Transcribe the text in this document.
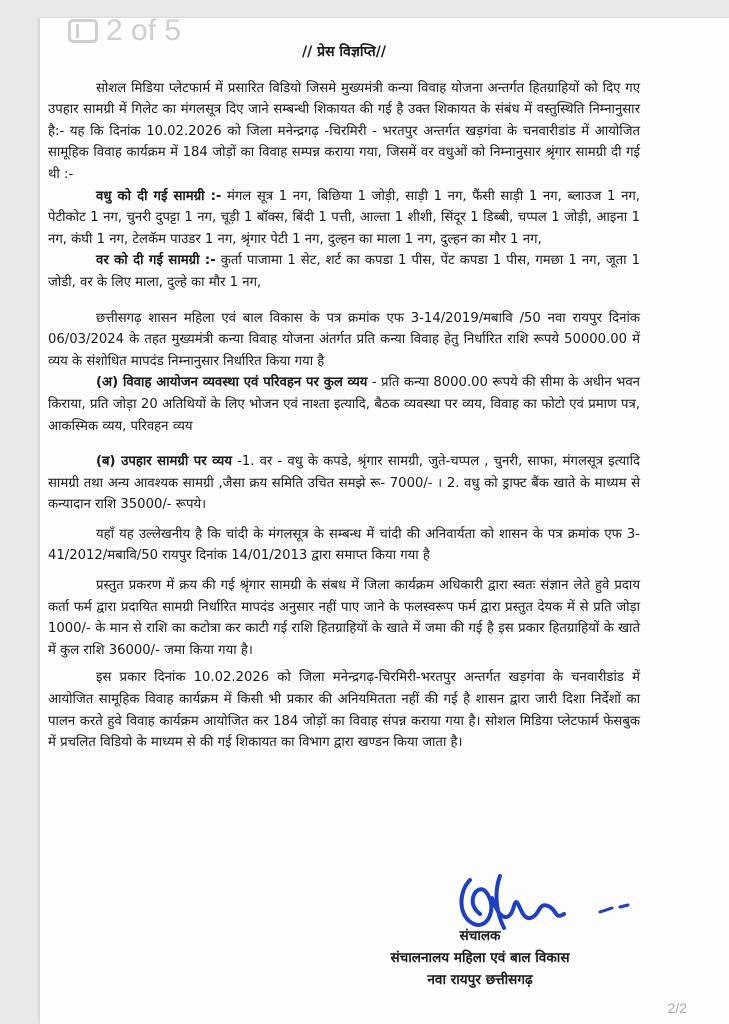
2 of 5
// प्रेस विज्ञप्ति//

सोशल मिडिया प्लेटफार्म में प्रसारित विडियो जिसमे मुख्यमंत्री कन्या विवाह योजना अन्तर्गत हितग्राहियों को दिए गए उपहार सामग्री में गिलेट का मंगलसूत्र दिए जाने सम्बन्धी शिकायत की गई है उक्त शिकायत के संबंध में वस्तुस्थिति निम्नानुसार है:- यह कि दिनांक 10.02.2026 को जिला मनेन्द्रगढ़ -चिरमिरी - भरतपुर अन्तर्गत खड़गंवा के चनवारीडांड में आयोजित सामूहिक विवाह कार्यक्रम में 184 जोड़ों का विवाह सम्पन्न कराया गया, जिसमें वर वधुओं को निम्नानुसार श्रृंगार सामग्री दी गई थी :-

वधु को दी गई सामग्री :- मंगल सूत्र 1 नग, बिछिया 1 जोड़ी, साड़ी 1 नग, फैंसी साड़ी 1 नग, ब्लाउज 1 नग, पेटीकोट 1 नग, चुनरी दुपट्टा 1 नग, चूड़ी 1 बॉक्स, बिंदी 1 पत्ती, आल्ता 1 शीशी, सिंदूर 1 डिब्बी, चप्पल 1 जोड़ी, आइना 1 नग, कंघी 1 नग, टेलकॅम पाउडर 1 नग, श्रृंगार पेटी 1 नग, दुल्हन का माला 1 नग, दुल्हन का मौर 1 नग,

वर को दी गई सामग्री :- कुर्ता पाजामा 1 सेट, शर्ट का कपडा 1 पीस, पेंट कपडा 1 पीस, गमछा 1 नग, जूता 1 जोडी, वर के लिए माला, दुल्हे का मौर 1 नग,

छत्तीसगढ़ शासन महिला एवं बाल विकास के पत्र क्रमांक एफ 3-14/2019/मबावि /50 नवा रायपुर दिनांक 06/03/2024 के तहत मुख्यमंत्री कन्या विवाह योजना अंतर्गत प्रति कन्या विवाह हेतु निर्धारित राशि रूपये 50000.00 में व्यय के संशोधित मापदंड निम्नानुसार निर्धारित किया गया है

(अ) विवाह आयोजन व्यवस्था एवं परिवहन पर कुल व्यय - प्रति कन्या 8000.00 रूपये की सीमा के अधीन भवन किराया, प्रति जोड़ा 20 अतिथियों के लिए भोजन एवं नाश्ता इत्यादि, बैठक व्यवस्था पर व्यय, विवाह का फोटो एवं प्रमाण पत्र, आकस्मिक व्यय, परिवहन व्यय

(ब) उपहार सामग्री पर व्यय -1. वर - वधु के कपडे, श्रृंगार सामग्री, जुते-चप्पल , चुनरी, साफा, मंगलसूत्र इत्यादि सामग्री तथा अन्य आवश्यक सामग्री ,जैसा क्रय समिति उचित समझे रू- 7000/- । 2. वधु को ड्राफ्ट बैंक खाते के माध्यम से कन्यादान राशि 35000/- रूपये।

यहाँ यह उल्लेखनीय है कि चांदी के मंगलसूत्र के सम्बन्ध में चांदी की अनिवार्यता को शासन के पत्र क्रमांक एफ 3- 41/2012/मबावि/50 रायपुर दिनांक 14/01/2013 द्वारा समाप्त किया गया है

प्रस्तुत प्रकरण में क्रय की गई श्रृंगार सामग्री के संबध में जिला कार्यक्रम अधिकारी द्वारा स्वतः संज्ञान लेते हुवे प्रदाय कर्ता फर्म द्वारा प्रदायित सामग्री निर्धारित मापदंड अनुसार नहीं पाए जाने के फलस्वरूप फर्म द्वारा प्रस्तुत देयक में से प्रति जोड़ा 1000/- के मान से राशि का कटोत्रा कर काटी गई राशि हितग्राहियों के खाते में जमा की गई है इस प्रकार हितग्राहियों के खाते में कुल राशि 36000/- जमा किया गया है।

इस प्रकार दिनांक 10.02.2026 को जिला मनेन्द्रगढ़-चिरमिरी-भरतपुर अन्तर्गत खड़गंवा के चनवारीडांड में आयोजित सामूहिक विवाह कार्यक्रम में किसी भी प्रकार की अनियमितता नहीं की गई है शासन द्वारा जारी दिशा निर्देशों का पालन करते हुवे विवाह कार्यक्रम आयोजित कर 184 जोड़ों का विवाह संपन्न कराया गया है। सोशल मिडिया प्लेटफार्म फेसबुक में प्रचलित विडियो के माध्यम से की गई शिकायत का विभाग द्वारा खण्डन किया जाता है।

संचालक
संचालनालय महिला एवं बाल विकास
नवा रायपुर छत्तीसगढ़
2/2
